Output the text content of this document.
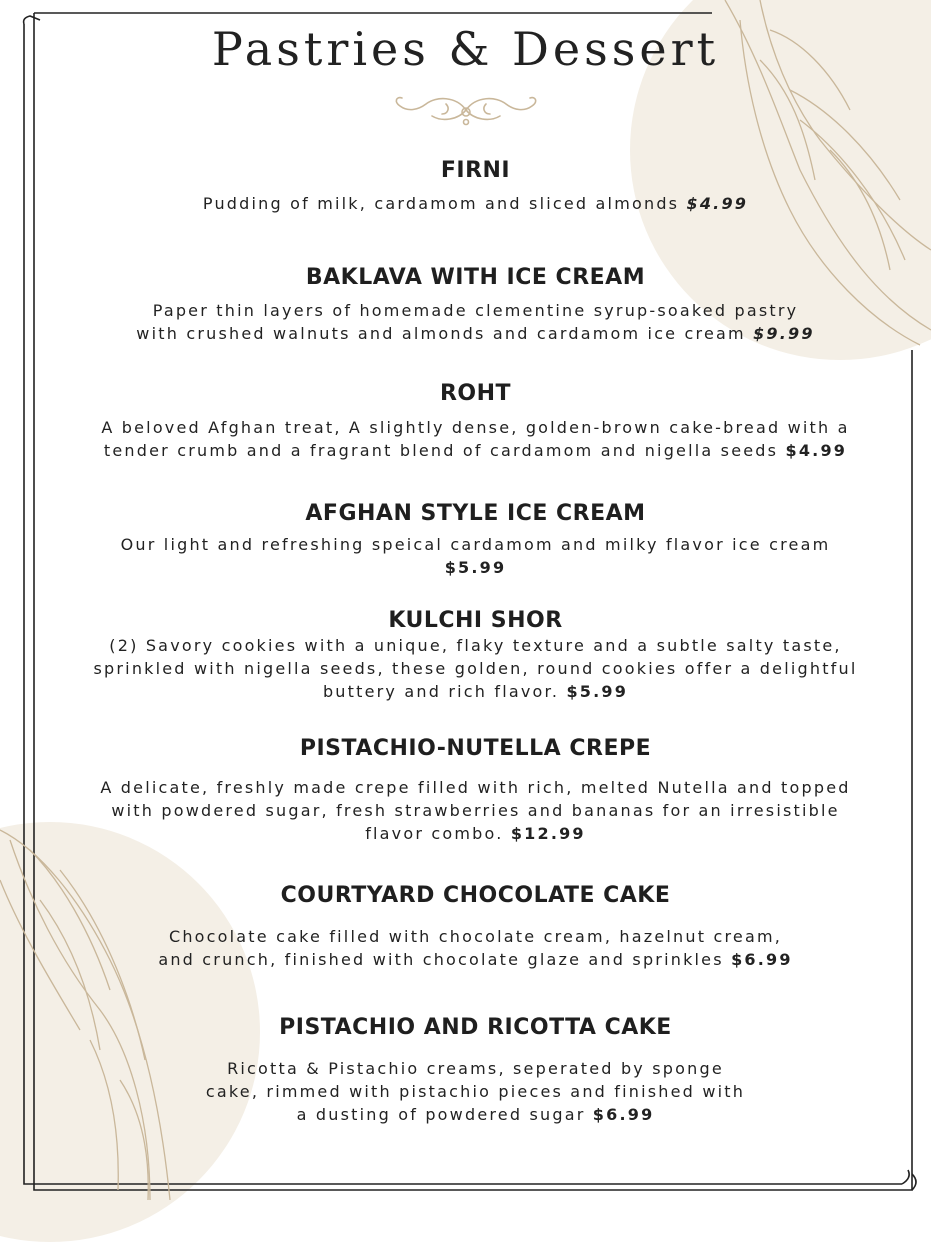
Pastries & Dessert
FIRNI

Pudding of milk, cardamom and sliced almonds $4.99

BAKLAVA WITH ICE CREAM

Paper thin layers of homemade clementine syrup-soaked pastry
with crushed walnuts and almonds and cardamom ice cream $9.99

ROHT

A beloved Afghan treat, A slightly dense, golden-brown cake-bread with a
tender crumb and a fragrant blend of cardamom and nigella seeds $4.99

AFGHAN STYLE ICE CREAM

Our light and refreshing speical cardamom and milky flavor ice cream
$5.99

KULCHI SHOR

(2) Savory cookies with a unique, flaky texture and a subtle salty taste,
sprinkled with nigella seeds, these golden, round cookies offer a delightful
buttery and rich flavor. $5.99

PISTACHIO-NUTELLA CREPE

A delicate, freshly made crepe filled with rich, melted Nutella and topped
with powdered sugar, fresh strawberries and bananas for an irresistible
flavor combo. $12.99

COURTYARD CHOCOLATE CAKE

Chocolate cake filled with chocolate cream, hazelnut cream,
and crunch, finished with chocolate glaze and sprinkles $6.99

PISTACHIO AND RICOTTA CAKE

Ricotta & Pistachio creams, seperated by sponge
cake, rimmed with pistachio pieces and finished with
a dusting of powdered sugar $6.99
